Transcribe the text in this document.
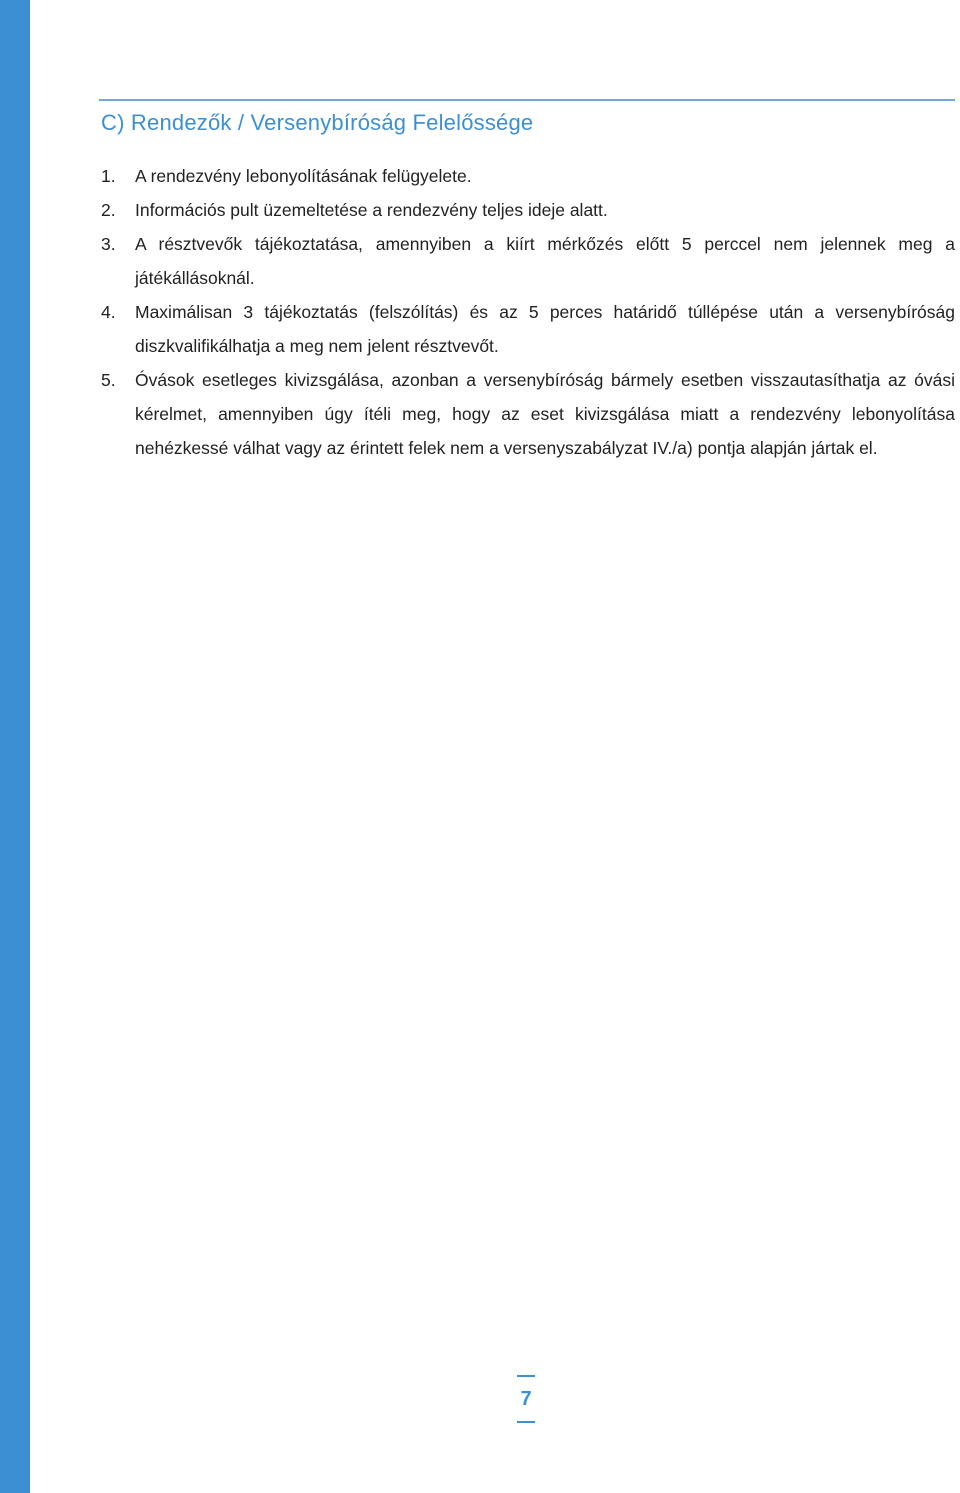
C) Rendezők / Versenybíróság Felelőssége
1. A rendezvény lebonyolításának felügyelete.
2. Információs pult üzemeltetése a rendezvény teljes ideje alatt.
3. A résztvevők tájékoztatása, amennyiben a kiírt mérkőzés előtt 5 perccel nem jelennek meg a játékállásoknál.
4. Maximálisan 3 tájékoztatás (felszólítás) és az 5 perces határidő túllépése után a versenybíróság diszkvalifikálhatja a meg nem jelent résztvevőt.
5. Óvások esetleges kivizsgálása, azonban a versenybíróság bármely esetben visszautasíthatja az óvási kérelmet, amennyiben úgy ítéli meg, hogy az eset kivizsgálása miatt a rendezvény lebonyolítása nehézkessé válhat vagy az érintett felek nem a versenyszabályzat IV./a) pontja alapján jártak el.
7
